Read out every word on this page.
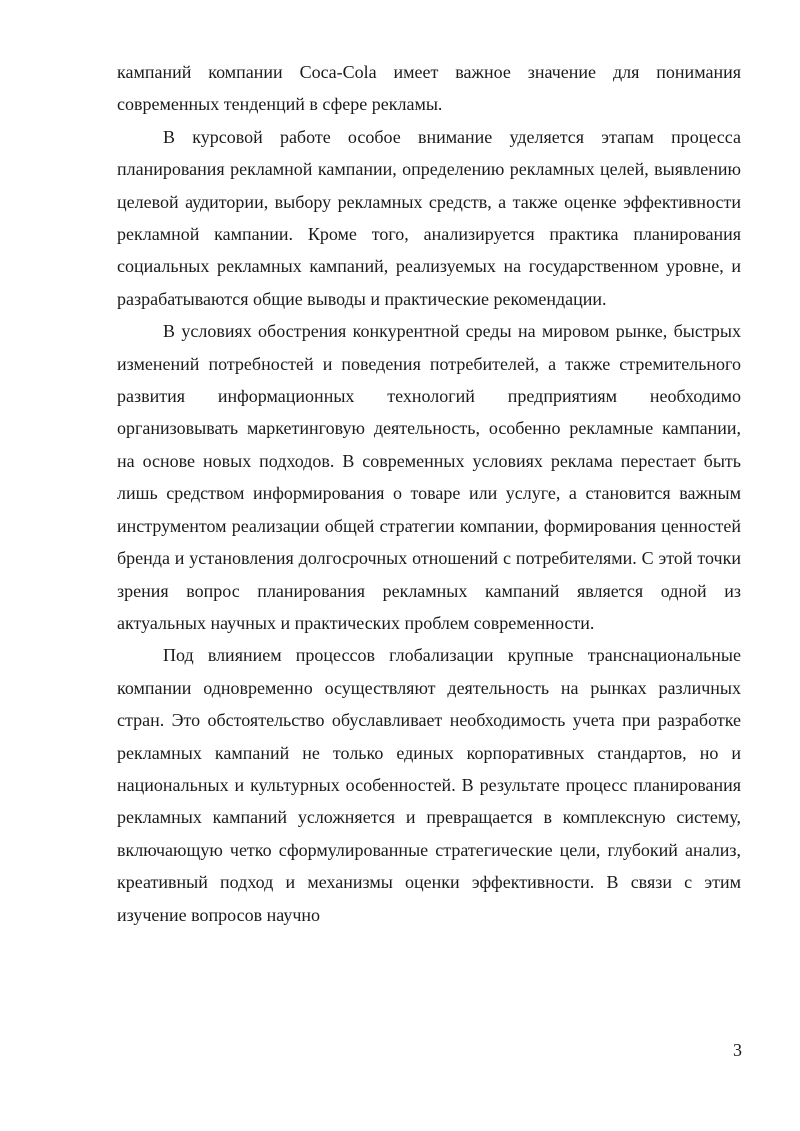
кампаний компании Coca-Cola имеет важное значение для понимания современных тенденций в сфере рекламы.

В курсовой работе особое внимание уделяется этапам процесса планирования рекламной кампании, определению рекламных целей, выявлению целевой аудитории, выбору рекламных средств, а также оценке эффективности рекламной кампании. Кроме того, анализируется практика планирования социальных рекламных кампаний, реализуемых на государственном уровне, и разрабатываются общие выводы и практические рекомендации.

В условиях обострения конкурентной среды на мировом рынке, быстрых изменений потребностей и поведения потребителей, а также стремительного развития информационных технологий предприятиям необходимо организовывать маркетинговую деятельность, особенно рекламные кампании, на основе новых подходов. В современных условиях реклама перестает быть лишь средством информирования о товаре или услуге, а становится важным инструментом реализации общей стратегии компании, формирования ценностей бренда и установления долгосрочных отношений с потребителями. С этой точки зрения вопрос планирования рекламных кампаний является одной из актуальных научных и практических проблем современности.

Под влиянием процессов глобализации крупные транснациональные компании одновременно осуществляют деятельность на рынках различных стран. Это обстоятельство обуславливает необходимость учета при разработке рекламных кампаний не только единых корпоративных стандартов, но и национальных и культурных особенностей. В результате процесс планирования рекламных кампаний усложняется и превращается в комплексную систему, включающую четко сформулированные стратегические цели, глубокий анализ, креативный подход и механизмы оценки эффективности. В связи с этим изучение вопросов научно

3
